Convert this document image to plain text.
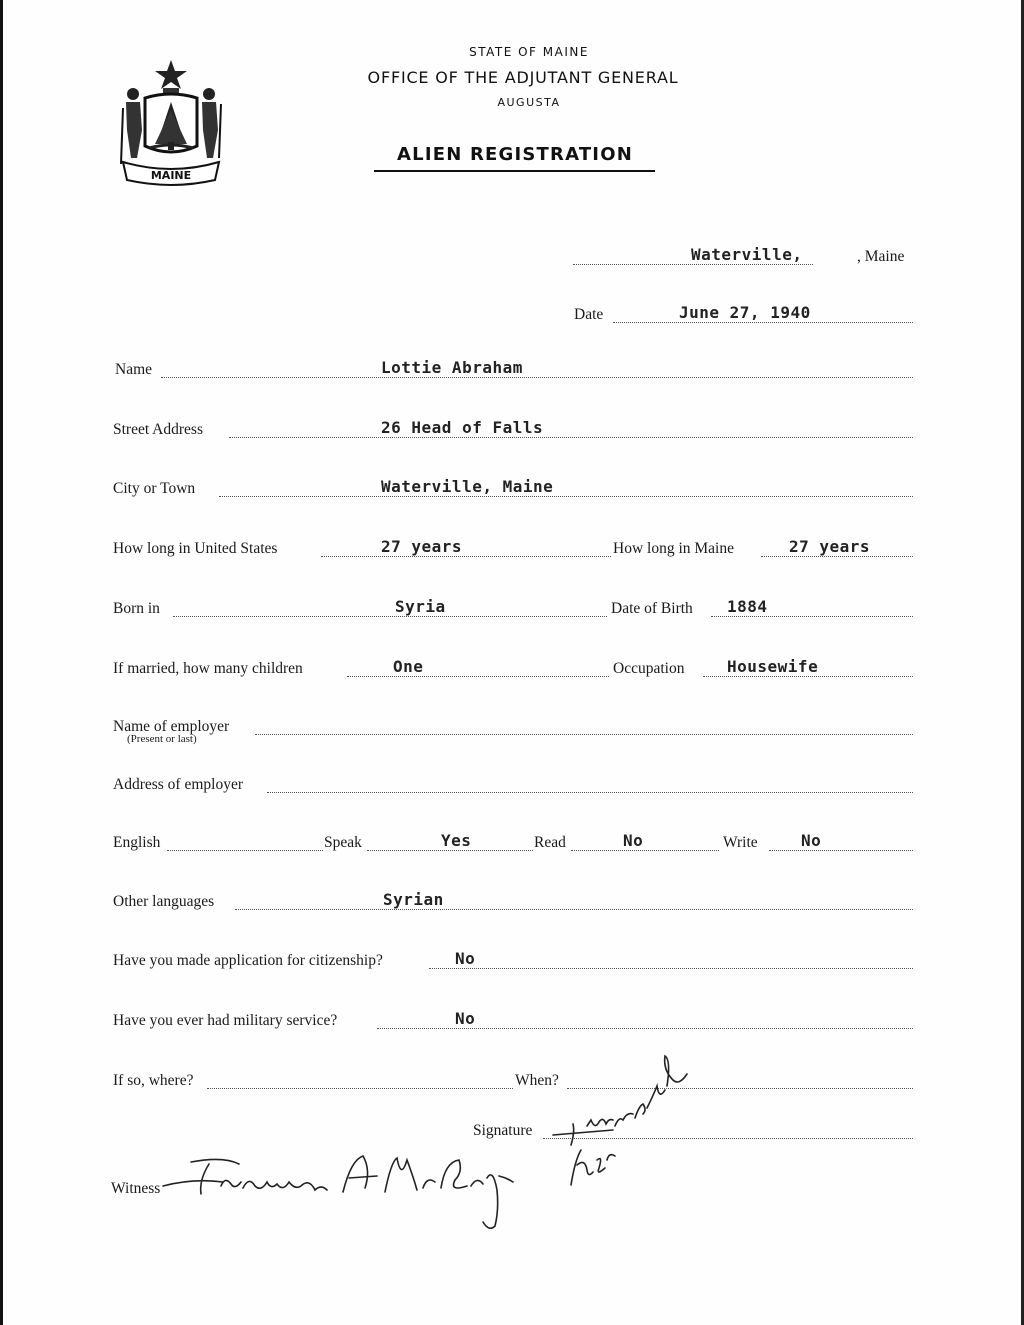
MAINE
STATE OF MAINE
OFFICE OF THE ADJUTANT GENERAL
AUGUSTA
ALIEN REGISTRATION
Waterville,	, Maine
Date	June 27, 1940
Name	Lottie Abraham
Street Address	26 Head of Falls
City or Town	Waterville, Maine
How long in United States	27 years	How long in Maine	27 years
Born in	Syria	Date of Birth 1884
If married, how many children	One	Occupation	Housewife
Name of employer
(Present or last)
Address of employer
English	Speak	Yes	Read	No	Write	No
Other languages	Syrian
Have you made application for citizenship?	No
Have you ever had military service?	No
If so, where?	When?
Signature
Witness
